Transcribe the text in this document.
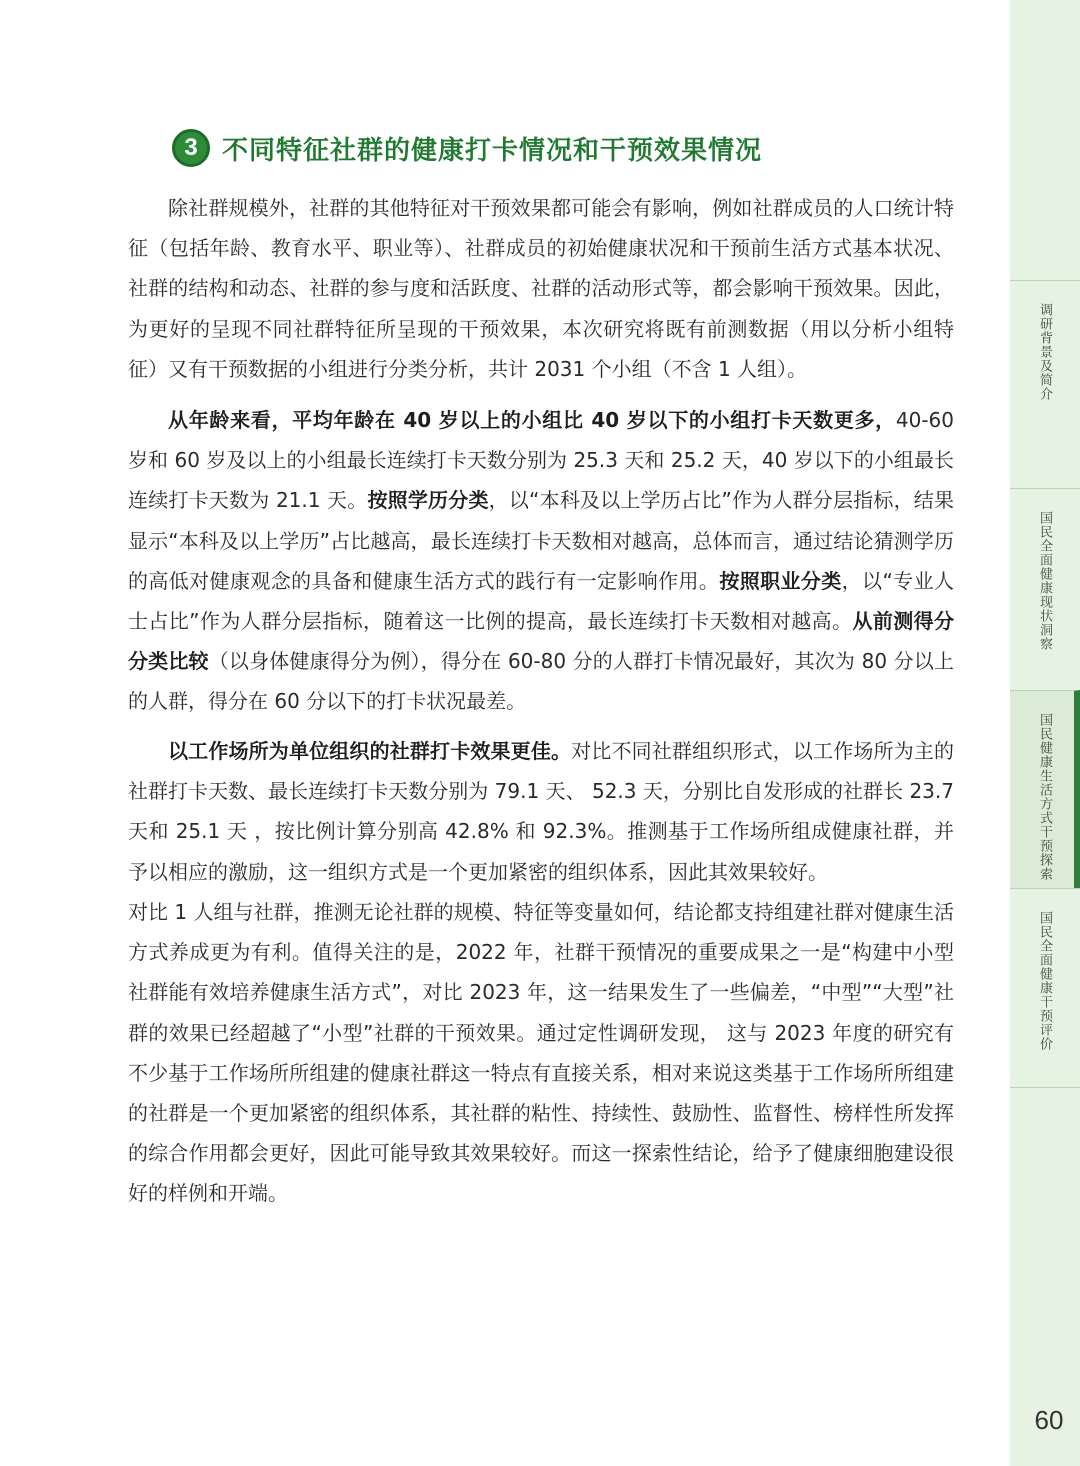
3 不同特征社群的健康打卡情况和干预效果情况

除社群规模外，社群的其他特征对干预效果都可能会有影响，例如社群成员的人口统计特征（包括年龄、教育水平、职业等）、社群成员的初始健康状况和干预前生活方式基本状况、社群的结构和动态、社群的参与度和活跃度、社群的活动形式等，都会影响干预效果。因此，为更好的呈现不同社群特征所呈现的干预效果，本次研究将既有前测数据（用以分析小组特征）又有干预数据的小组进行分类分析，共计 2031 个小组（不含 1 人组）。

从年龄来看，平均年龄在 40 岁以上的小组比 40 岁以下的小组打卡天数更多，40-60 岁和 60 岁及以上的小组最长连续打卡天数分别为 25.3 天和 25.2 天，40 岁以下的小组最长连续打卡天数为 21.1 天。按照学历分类，以“本科及以上学历占比”作为人群分层指标，结果显示“本科及以上学历”占比越高，最长连续打卡天数相对越高，总体而言，通过结论猜测学历的高低对健康观念的具备和健康生活方式的践行有一定影响作用。按照职业分类，以“专业人士占比”作为人群分层指标，随着这一比例的提高，最长连续打卡天数相对越高。从前测得分分类比较（以身体健康得分为例），得分在 60-80 分的人群打卡情况最好，其次为 80 分以上的人群，得分在 60 分以下的打卡状况最差。

以工作场所为单位组织的社群打卡效果更佳。对比不同社群组织形式，以工作场所为主的社群打卡天数、最长连续打卡天数分别为 79.1 天、 52.3 天，分别比自发形成的社群长 23.7 天和 25.1 天 ，按比例计算分别高 42.8% 和 92.3%。推测基于工作场所组成健康社群，并予以相应的激励，这一组织方式是一个更加紧密的组织体系，因此其效果较好。

对比 1 人组与社群，推测无论社群的规模、特征等变量如何，结论都支持组建社群对健康生活方式养成更为有利。值得关注的是，2022 年，社群干预情况的重要成果之一是“构建中小型社群能有效培养健康生活方式”，对比 2023 年，这一结果发生了一些偏差，“中型”“大型”社群的效果已经超越了“小型”社群的干预效果。通过定性调研发现， 这与 2023 年度的研究有不少基于工作场所所组建的健康社群这一特点有直接关系，相对来说这类基于工作场所所组建的社群是一个更加紧密的组织体系，其社群的粘性、持续性、鼓励性、监督性、榜样性所发挥的综合作用都会更好，因此可能导致其效果较好。而这一探索性结论，给予了健康细胞建设很好的样例和开端。

调研背景及简介
国民全面健康现状洞察
国民健康生活方式干预探索
国民全面健康干预评价
60
